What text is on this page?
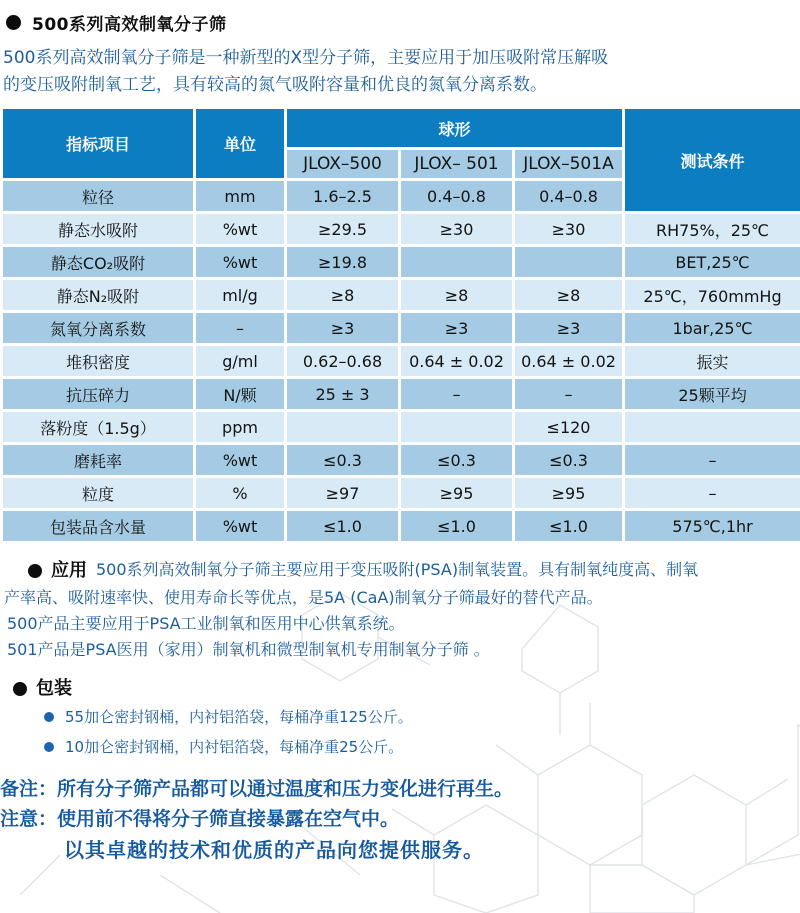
500系列高效制氧分子筛
500系列高效制氧分子筛是一种新型的X型分子筛，主要应用于加压吸附常压解吸
的变压吸附制氧工艺，具有较高的氮气吸附容量和优良的氮氧分离系数。
指标项目	单位	球形			测试条件
		JLOX–500	JLOX– 501	JLOX–501A	
粒径	mm	1.6–2.5	0.4–0.8	0.4–0.8	
静态水吸附	%wt	≥29.5	≥30	≥30	RH75%，25℃
静态CO₂吸附	%wt	≥19.8			BET,25℃
静态N₂吸附	ml/g	≥8	≥8	≥8	25℃，760mmHg
氮氧分离系数	–	≥3	≥3	≥3	1bar,25℃
堆积密度	g/ml	0.62–0.68	0.64 ± 0.02	0.64 ± 0.02	振实
抗压碎力	N/颗	25 ± 3	–	–	25颗平均
落粉度（1.5g）	ppm			≤120	
磨耗率	%wt	≤0.3	≤0.3	≤0.3	–
粒度	%	≥97	≥95	≥95	–
包装品含水量	%wt	≤1.0	≤1.0	≤1.0	575℃,1hr
应用 500系列高效制氧分子筛主要应用于变压吸附(PSA)制氧装置。具有制氧纯度高、制氧
产率高、吸附速率快、使用寿命长等优点，是5A (CaA)制氧分子筛最好的替代产品。
500产品主要应用于PSA工业制氧和医用中心供氧系统。
501产品是PSA医用（家用）制氧机和微型制氧机专用制氧分子筛 。
包装
55加仑密封钢桶，内衬铝箔袋，每桶净重125公斤。
10加仑密封钢桶，内衬铝箔袋，每桶净重25公斤。
备注：所有分子筛产品都可以通过温度和压力变化进行再生。
注意：使用前不得将分子筛直接暴露在空气中。
以其卓越的技术和优质的产品向您提供服务。
